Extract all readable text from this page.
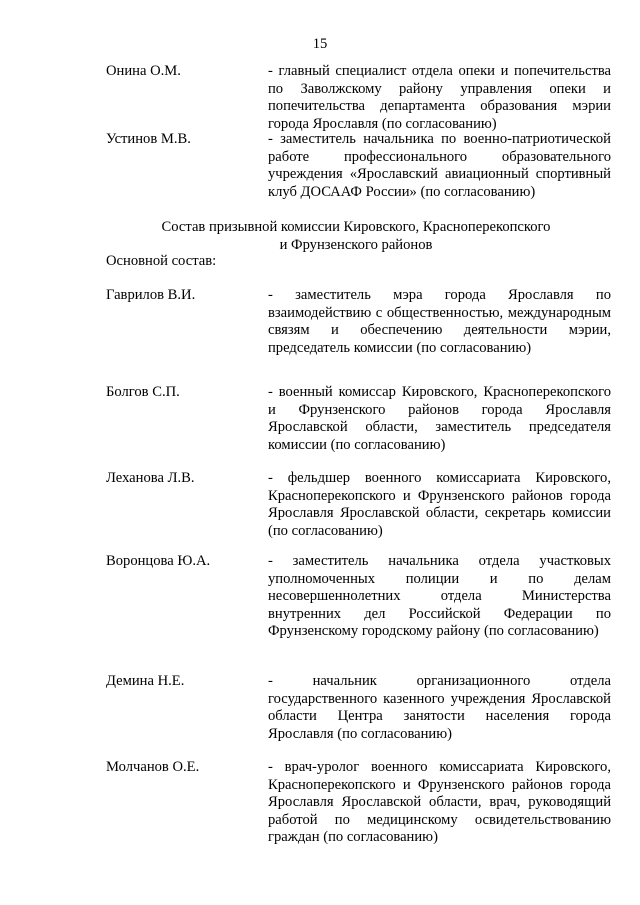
15
Онина О.М.	- главный специалист отдела опеки и попечительства по Заволжскому району управления опеки и попечительства департамента образования мэрии города Ярославля (по согласованию)
Устинов М.В.	- заместитель начальника по военно-патриотической работе профессионального образовательного учреждения «Ярославский авиационный спортивный клуб ДОСААФ России» (по согласованию)
Состав призывной комиссии Кировского, Красноперекопского
и Фрунзенского районов
Основной состав:
Гаврилов В.И.	- заместитель мэра города Ярославля по взаимодействию с общественностью, международным связям и обеспечению деятельности мэрии, председатель комиссии (по согласованию)
Болгов С.П.	- военный комиссар Кировского, Красноперекопского и Фрунзенского районов города Ярославля Ярославской области, заместитель председателя комиссии (по согласованию)
Леханова Л.В.	- фельдшер военного комиссариата Кировского, Красноперекопского и Фрунзенского районов города Ярославля Ярославской области, секретарь комиссии (по согласованию)
Воронцова Ю.А.	- заместитель начальника отдела участковых уполномоченных полиции и по делам несовершеннолетних отдела Министерства внутренних дел Российской Федерации по Фрунзенскому городскому району (по согласованию)
Демина Н.Е.	- начальник организационного отдела государственного казенного учреждения Ярославской области Центра занятости населения города Ярославля (по согласованию)
Молчанов О.Е.	- врач-уролог военного комиссариата Кировского, Красноперекопского и Фрунзенского районов города Ярославля Ярославской области, врач, руководящий работой по медицинскому освидетельствованию граждан (по согласованию)
